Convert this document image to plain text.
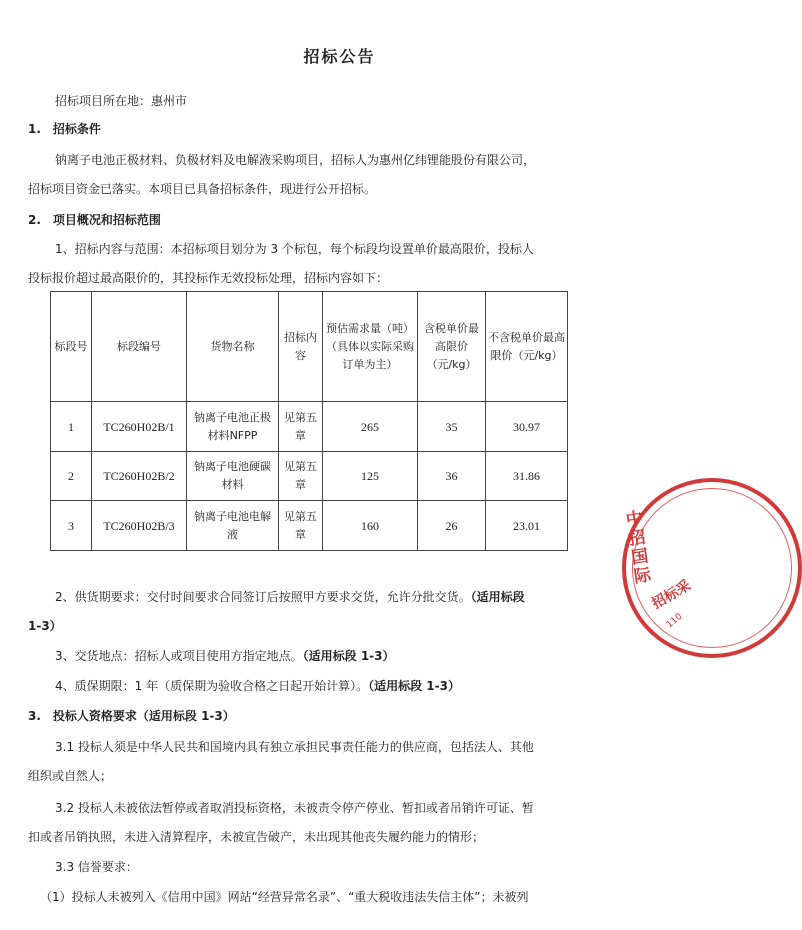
招标公告
招标项目所在地：惠州市
1.　招标条件
钠离子电池正极材料、负极材料及电解液采购项目，招标人为惠州亿纬锂能股份有限公司，
招标项目资金已落实。本项目已具备招标条件，现进行公开招标。
2.　项目概况和招标范围
1、招标内容与范围：本招标项目划分为 3 个标包，每个标段均设置单价最高限价，投标人
投标报价超过最高限价的，其投标作无效投标处理，招标内容如下：
标段号	标段编号	货物名称	招标内容	预估需求量（吨）（具体以实际采购订单为主）	含税单价最高限价（元/kg）	不含税单价最高限价（元/kg）
1	TC260H02B/1	钠离子电池正极材料NFPP	见第五章	265	35	30.97
2	TC260H02B/2	钠离子电池硬碳材料	见第五章	125	36	31.86
3	TC260H02B/3	钠离子电池电解液	见第五章	160	26	23.01
2、供货期要求：交付时间要求合同签订后按照甲方要求交货，允许分批交货。（适用标段
1-3）
3、交货地点：招标人或项目使用方指定地点。（适用标段 1-3）
4、质保期限：1 年（质保期为验收合格之日起开始计算）。（适用标段 1-3）
3.　投标人资格要求（适用标段 1-3）
3.1 投标人须是中华人民共和国境内具有独立承担民事责任能力的供应商，包括法人、其他
组织或自然人；
3.2 投标人未被依法暂停或者取消投标资格，未被责令停产停业、暂扣或者吊销许可证、暂
扣或者吊销执照，未进入清算程序，未被宣告破产，未出现其他丧失履约能力的情形；
3.3 信誉要求：
（1）投标人未被列入《信用中国》网站“经营异常名录”、“重大税收违法失信主体”；未被列
中招国际
招标采
110
